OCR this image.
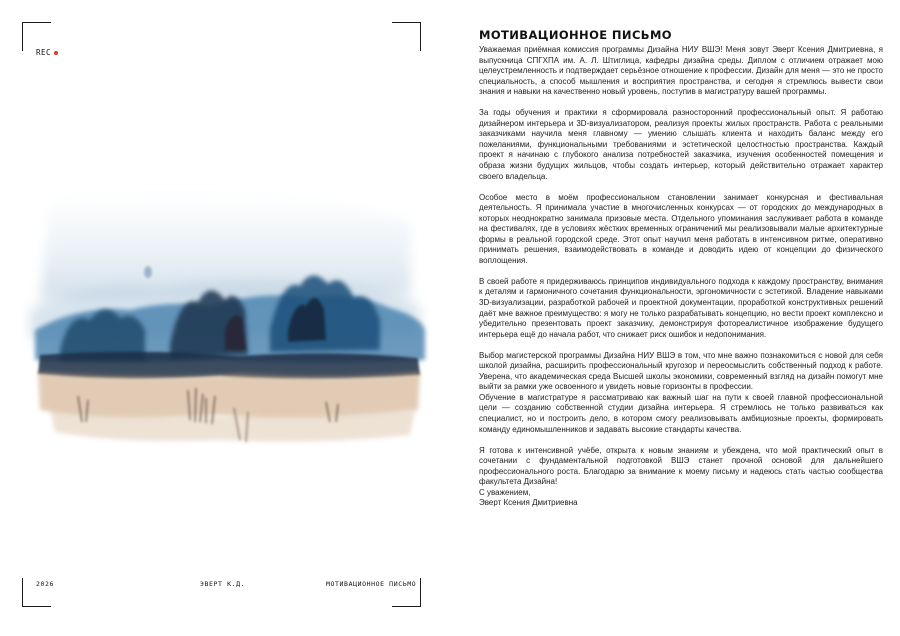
REC
2026	ЭВЕРТ К.Д.	МОТИВАЦИОННОЕ ПИСЬМО
МОТИВАЦИОННОЕ ПИСЬМО

Уважаемая приёмная комиссия программы Дизайна НИУ ВШЭ! Меня зовут Эверт Ксения Дмитриевна, я выпускница СПГХПА им. А. Л. Штиглица, кафедры дизайна среды. Диплом с отличием отражает мою целеустремленность и подтверждает серьёзное отношение к профессии. Дизайн для меня — это не просто специальность, а способ мышления и восприятия пространства, и сегодня я стремлюсь вывести свои знания и навыки на качественно новый уровень, поступив в магистратуру вашей программы.

За годы обучения и практики я сформировала разносторонний профессиональный опыт. Я работаю дизайнером интерьера и 3D-визуализатором, реализуя проекты жилых пространств. Работа с реальными заказчиками научила меня главному — умению слышать клиента и находить баланс между его пожеланиями, функциональными требованиями и эстетической целостностью пространства. Каждый проект я начинаю с глубокого анализа потребностей заказчика, изучения особенностей помещения и образа жизни будущих жильцов, чтобы создать интерьер, который действительно отражает характер своего владельца.

Особое место в моём профессиональном становлении занимает конкурсная и фестивальная деятельность. Я принимала участие в многочисленных конкурсах — от городских до международных в которых неоднократно занимала призовые места. Отдельного упоминания заслуживает работа в команде на фестивалях, где в условиях жёстких временных ограничений мы реализовывали малые архитектурные формы в реальной городской среде. Этот опыт научил меня работать в интенсивном ритме, оперативно принимать решения, взаимодействовать в команде и доводить идею от концепции до физического воплощения.

В своей работе я придерживаюсь принципов индивидуального подхода к каждому пространству, внимания к деталям и гармоничного сочетания функциональности, эргономичности с эстетикой. Владение навыками 3D-визуализации, разработкой рабочей и проектной документации, проработкой конструктивных решений даёт мне важное преимущество: я могу не только разрабатывать концепцию, но вести проект комплексно и убедительно презентовать проект заказчику, демонстрируя фотореалистичное изображение будущего интерьера ещё до начала работ, что снижает риск ошибок и недопонимания.

Выбор магистерской программы Дизайна НИУ ВШЭ в том, что мне важно познакомиться с новой для себя школой дизайна, расширить профессиональный кругозор и переосмыслить собственный подход к работе. Уверена, что академическая среда Высшей школы экономики, современный взгляд на дизайн помогут мне выйти за рамки уже освоенного и увидеть новые горизонты в профессии.

Обучение в магистратуре я рассматриваю как важный шаг на пути к своей главной профессиональной цели — созданию собственной студии дизайна интерьера. Я стремлюсь не только развиваться как специалист, но и построить дело, в котором смогу реализовывать амбициозные проекты, формировать команду единомышленников и задавать высокие стандарты качества.

Я готова к интенсивной учёбе, открыта к новым знаниям и убеждена, что мой практический опыт в сочетании с фундаментальной подготовкой ВШЭ станет прочной основой для дальнейшего профессионального роста. Благодарю за внимание к моему письму и надеюсь стать частью сообщества факультета Дизайна!

С уважением,

Эверт Ксения Дмитриевна
